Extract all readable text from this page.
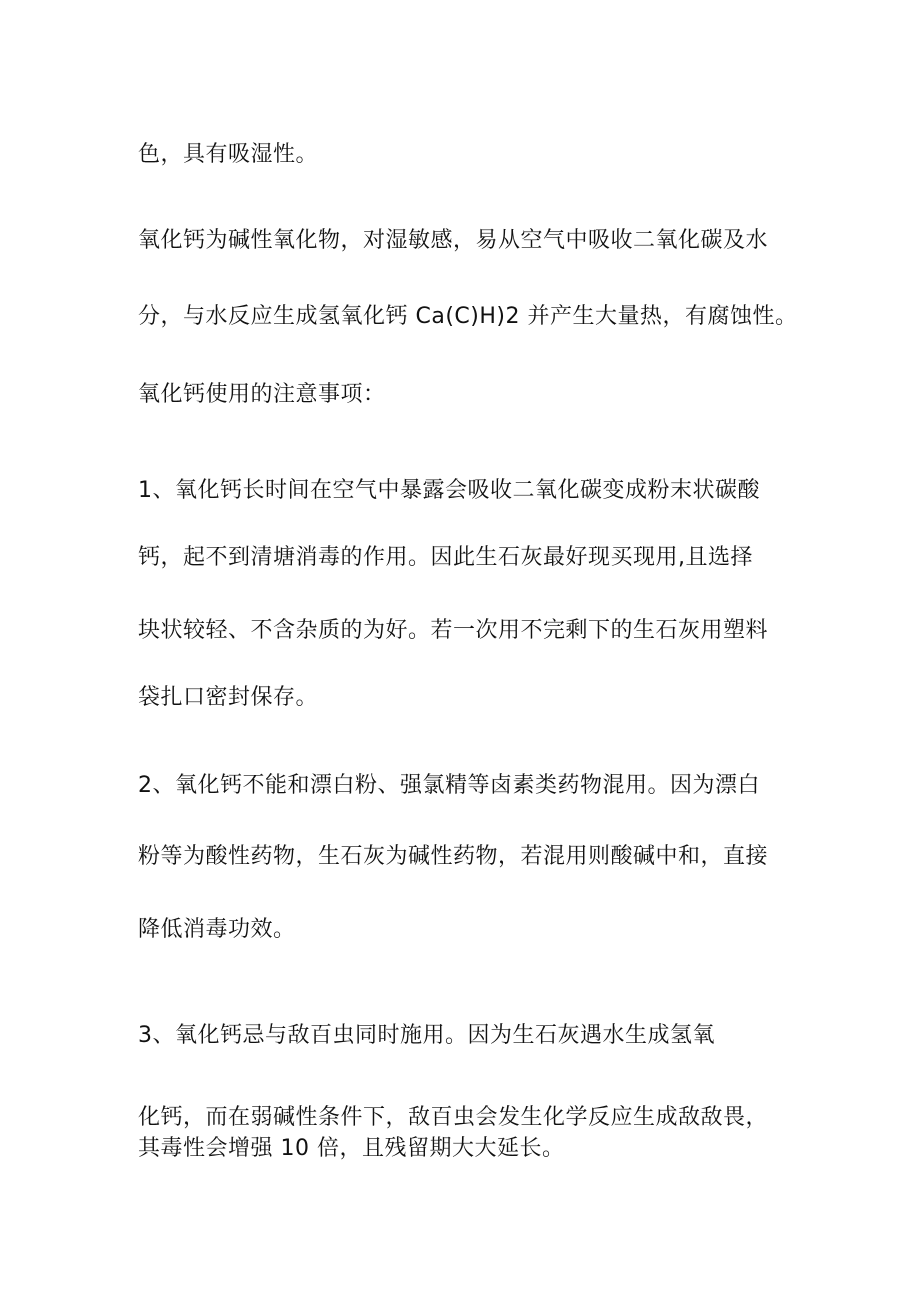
色，具有吸湿性。
氧化钙为碱性氧化物，对湿敏感，易从空气中吸收二氧化碳及水
分，与水反应生成氢氧化钙 Ca(C)H)2 并产生大量热，有腐蚀性。
氧化钙使用的注意事项：
1、氧化钙长时间在空气中暴露会吸收二氧化碳变成粉末状碳酸
钙，起不到清塘消毒的作用。因此生石灰最好现买现用,且选择
块状较轻、不含杂质的为好。若一次用不完剩下的生石灰用塑料
袋扎口密封保存。
2、氧化钙不能和漂白粉、强氯精等卤素类药物混用。因为漂白
粉等为酸性药物，生石灰为碱性药物，若混用则酸碱中和，直接
降低消毒功效。
3、氧化钙忌与敌百虫同时施用。因为生石灰遇水生成氢氧
化钙，而在弱碱性条件下，敌百虫会发生化学反应生成敌敌畏，
其毒性会增强 10 倍，且残留期大大延长。
